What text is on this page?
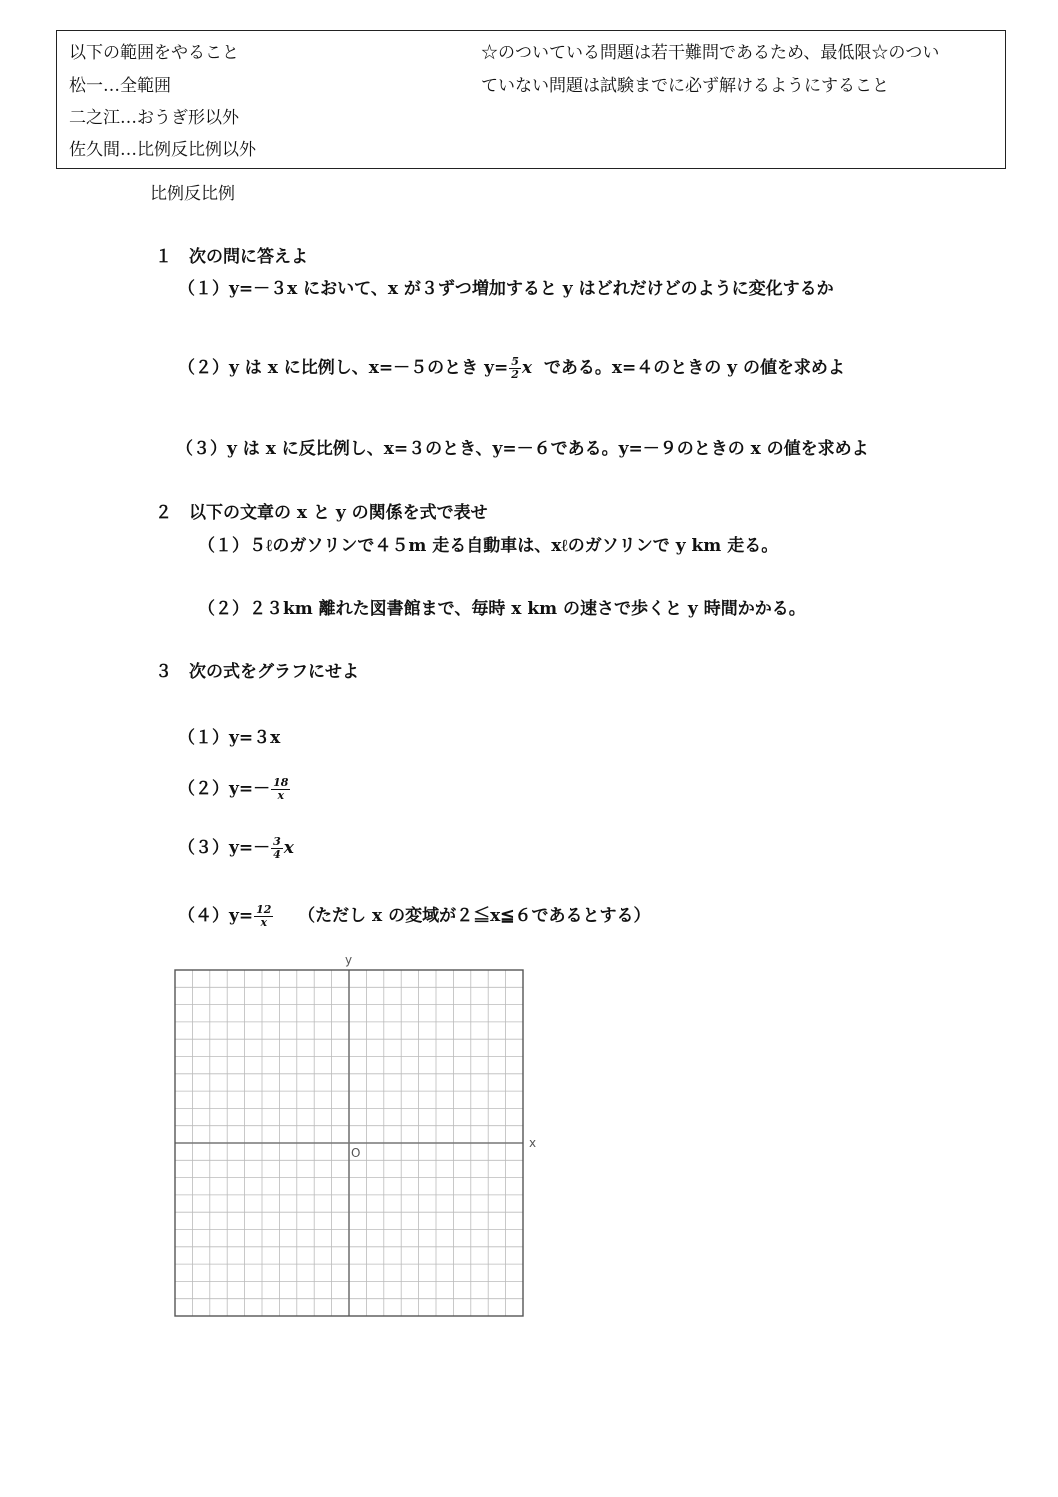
以下の範囲をやること
松一…全範囲
二之江…おうぎ形以外
佐久間…比例反比例以外
☆のついている問題は若干難問であるため、最低限☆のつい
ていない問題は試験までに必ず解けるようにすること
比例反比例
１　次の問に答えよ
（１）y=－３x において、x が３ずつ増加すると y はどれだけどのように変化するか
（２）y は x に比例し、x=－５のとき $y= \frac{5}{2}$ x である。x=４のときの y の値を求めよ
（３）y は x に反比例し、x=３のとき、y=－６である。y=－９のときの x の値を求めよ
２　以下の文章の x と y の関係を式で表せ
（１）５ℓのガソリンで４５m 走る自動車は、xℓのガソリンで y km 走る。
（２）２３km 離れた図書館まで、毎時 x km の速さで歩くと y 時間かかる。
３　次の式をグラフにせよ
（１）y=３x
$(2)y=- \frac{18}{x}$
$(3)y=- \frac{3}{4}$ x
$(4)y= \frac{12}{x}$ （ただし x の変域が２≦x≦６であるとする）
y
x
O
